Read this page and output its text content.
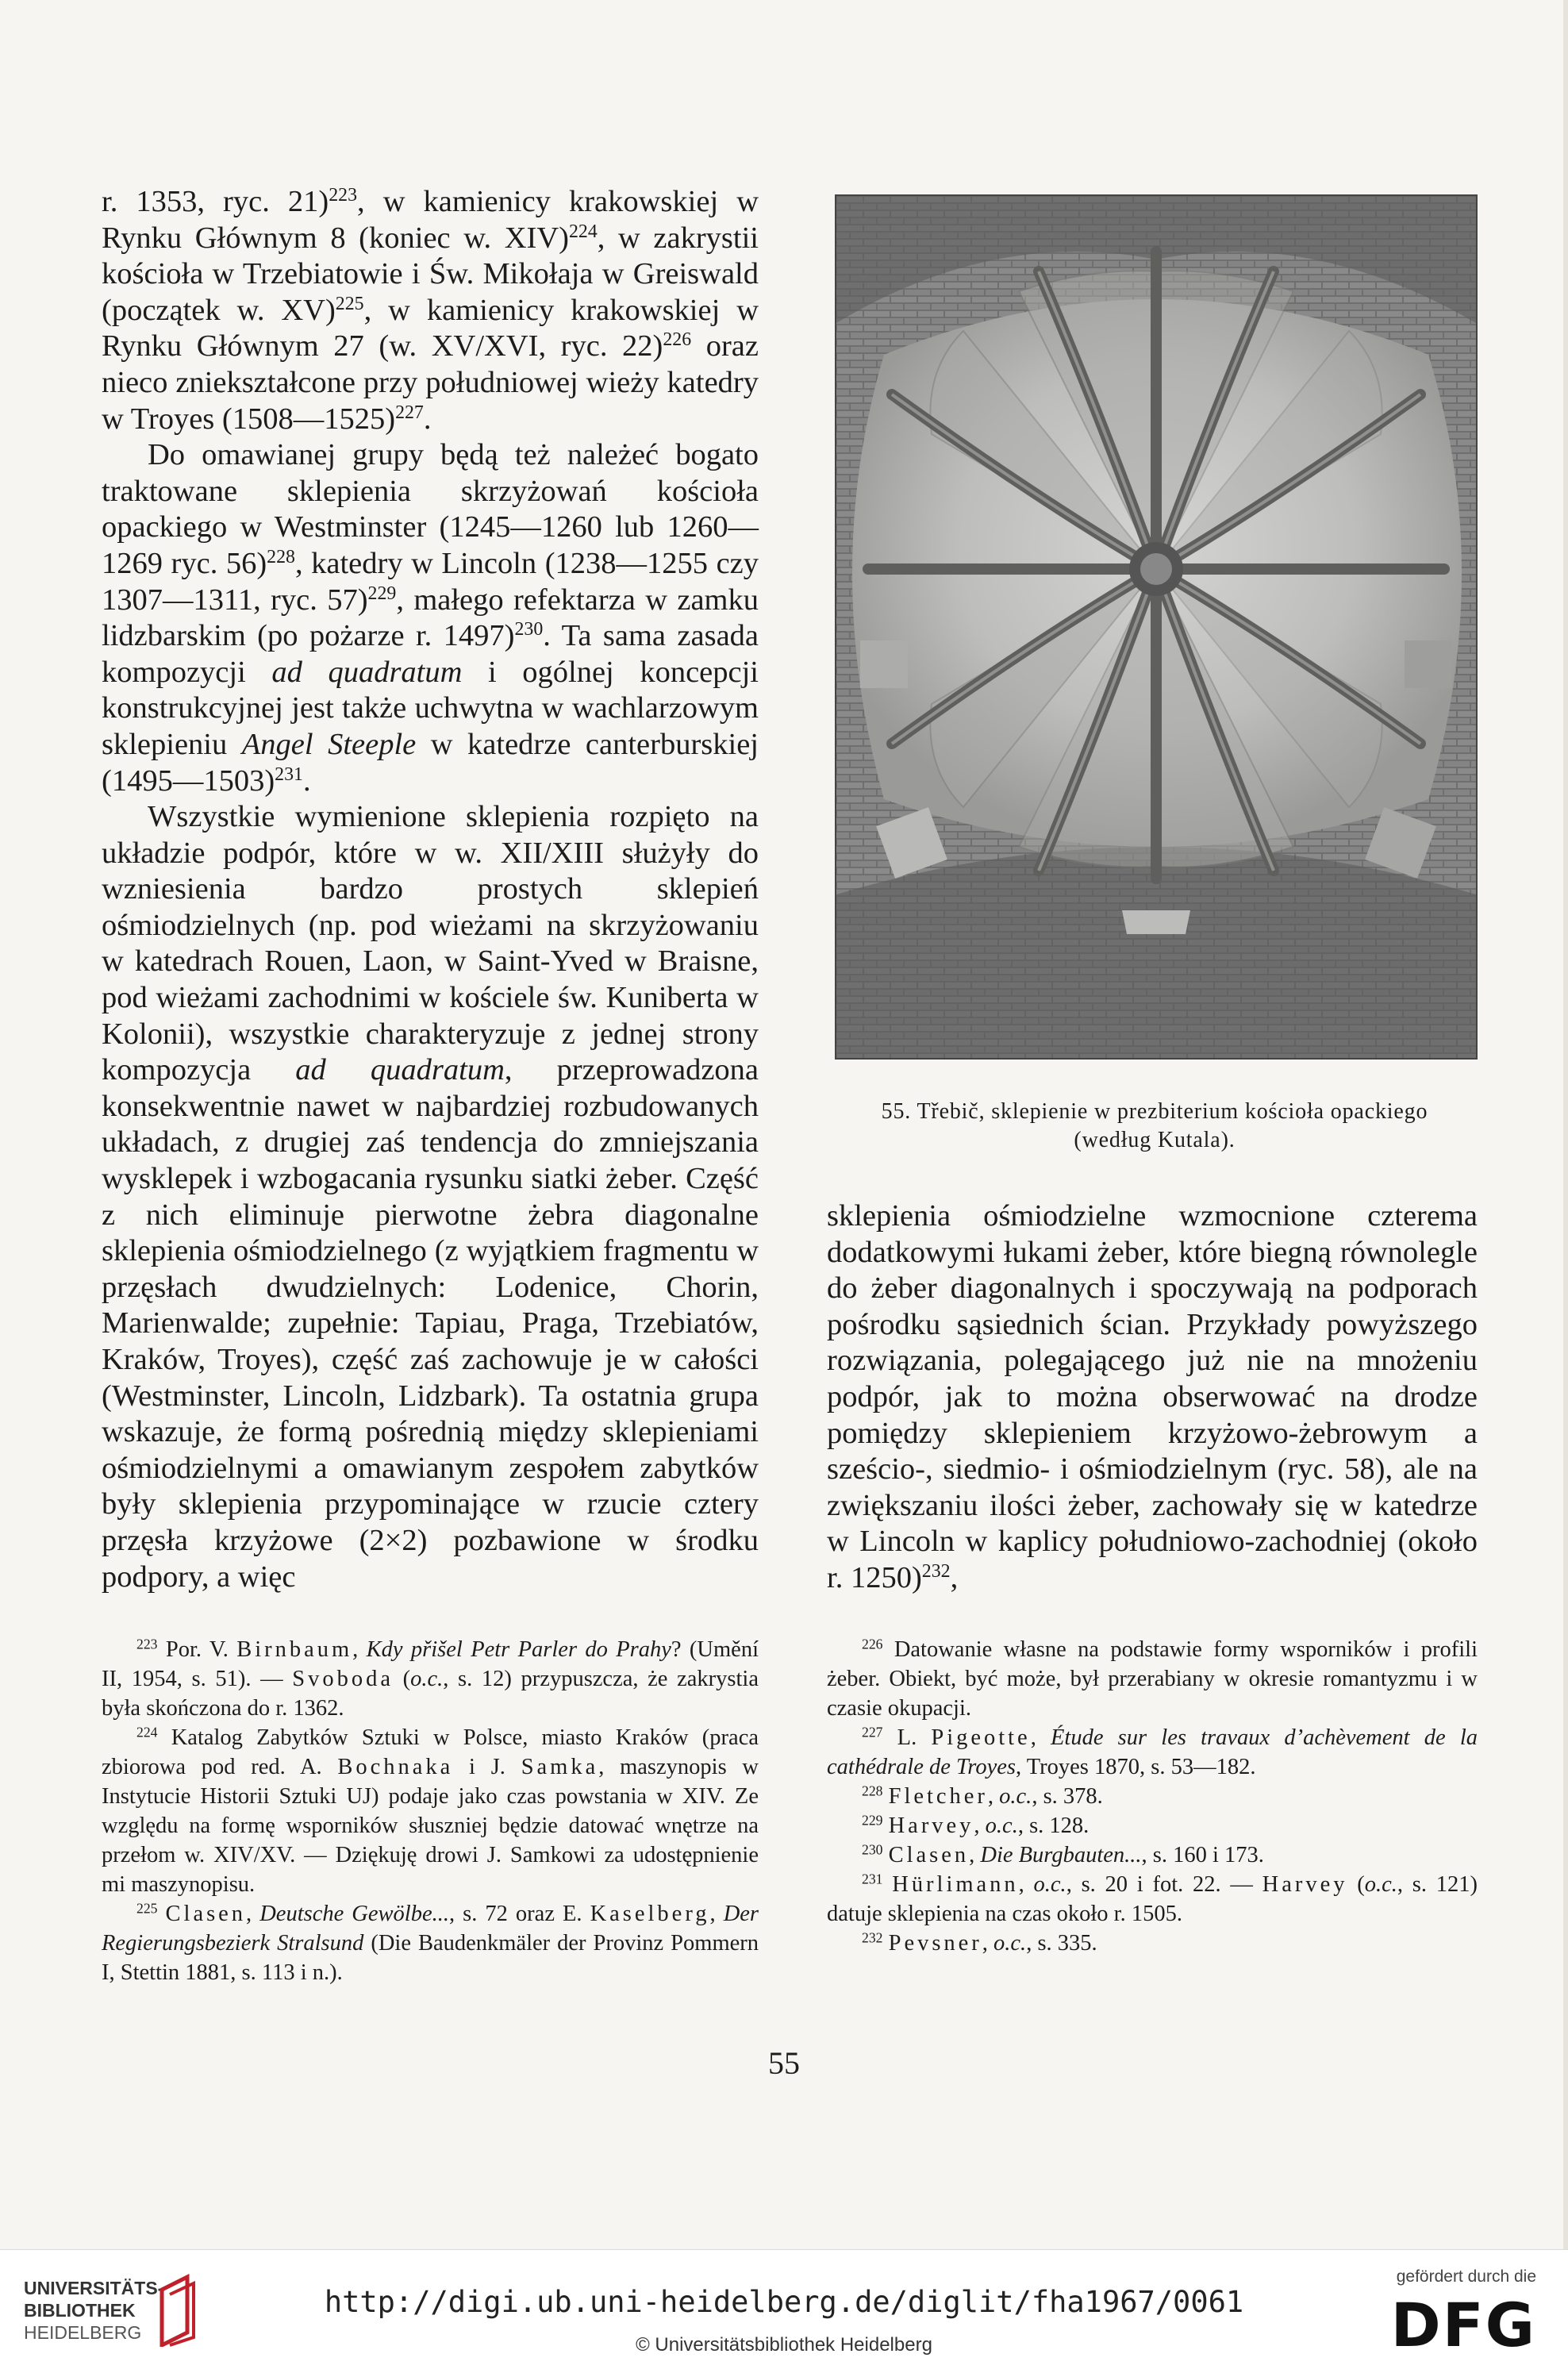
r. 1353, ryc. 21)$^{223}$, w kamienicy krakowskiej w Rynku Głównym 8 (koniec w. XIV)$^{224}$, w zakrystii kościoła w Trzebiatowie i Św. Mikołaja w Greiswald (początek w. XV)$^{225}$, w kamienicy krakowskiej w Rynku Głównym 27 (w. XV/XVI, ryc. 22)$^{226}$ oraz nieco zniekształcone przy południowej wieży katedry w Troyes (1508—1525)$^{227}$.

Do omawianej grupy będą też należeć bogato traktowane sklepienia skrzyżowań kościoła opackiego w Westminster (1245—1260 lub 1260—1269 ryc. 56)$^{228}$, katedry w Lincoln (1238—1255 czy 1307—1311, ryc. 57)$^{229}$, małego refektarza w zamku lidzbarskim (po pożarze r. 1497)$^{230}$. Ta sama zasada kompozycji ad quadratum i ogólnej koncepcji konstrukcyjnej jest także uchwytna w wachlarzowym sklepieniu Angel Steeple w katedrze canterburskiej (1495—1503)$^{231}$.

Wszystkie wymienione sklepienia rozpięto na układzie podpór, które w w. XII/XIII służyły do wzniesienia bardzo prostych sklepień ośmiodzielnych (np. pod wieżami na skrzyżowaniu w katedrach Rouen, Laon, w Saint-Yved w Braisne, pod wieżami zachodnimi w kościele św. Kuniberta w Kolonii), wszystkie charakteryzuje z jednej strony kompozycja ad quadratum, przeprowadzona konsekwentnie nawet w najbardziej rozbudowanych układach, z drugiej zaś tendencja do zmniejszania wysklepek i wzbogacania rysunku siatki żeber. Część z nich eliminuje pierwotne żebra diagonalne sklepienia ośmiodzielnego (z wyjątkiem fragmentu w przęsłach dwudzielnych: Lodenice, Chorin, Marienwalde; zupełnie: Tapiau, Praga, Trzebiatów, Kraków, Troyes), część zaś zachowuje je w całości (Westminster, Lincoln, Lidzbark). Ta ostatnia grupa wskazuje, że formą pośrednią między sklepieniami ośmiodzielnymi a omawianym zespołem zabytków były sklepienia przypominające w rzucie cztery przęsła krzyżowe (2×2) pozbawione w środku podpory, a więc

55. Třebič, sklepienie w prezbiterium kościoła opackiego
(według Kutala).

sklepienia ośmiodzielne wzmocnione czterema dodatkowymi łukami żeber, które biegną równolegle do żeber diagonalnych i spoczywają na podporach pośrodku sąsiednich ścian. Przykłady powyższego rozwiązania, polegającego już nie na mnożeniu podpór, jak to można obserwować na drodze pomiędzy sklepieniem krzyżowo-żebrowym a sześcio-, siedmio- i ośmiodzielnym (ryc. 58), ale na zwiększaniu ilości żeber, zachowały się w katedrze w Lincoln w kaplicy południowo-zachodniej (około r. 1250)$^{232}$,

$^{223}$ Por. V. Birnbaum, Kdy přišel Petr Parler do Prahy? (Umění II, 1954, s. 51). — Svoboda (o.c., s. 12) przypuszcza, że zakrystia była skończona do r. 1362.

$^{224}$ Katalog Zabytków Sztuki w Polsce, miasto Kraków (praca zbiorowa pod red. A. Bochnaka i J. Samka, maszynopis w Instytucie Historii Sztuki UJ) podaje jako czas powstania w XIV. Ze względu na formę wsporników słuszniej będzie datować wnętrze na przełom w. XIV/XV. — Dziękuję drowi J. Samkowi za udostępnienie mi maszynopisu.

$^{225}$ Clasen, Deutsche Gewölbe..., s. 72 oraz E. Kaselberg, Der Regierungsbezierk Stralsund (Die Baudenkmäler der Provinz Pommern I, Stettin 1881, s. 113 i n.).

$^{226}$ Datowanie własne na podstawie formy wsporników i profili żeber. Obiekt, być może, był przerabiany w okresie romantyzmu i w czasie okupacji.

$^{227}$ L. Pigeotte, Étude sur les travaux d’achèvement de la cathédrale de Troyes, Troyes 1870, s. 53—182.

$^{228}$ Fletcher, o.c., s. 378.

$^{229}$ Harvey, o.c., s. 128.

$^{230}$ Clasen, Die Burgbauten..., s. 160 i 173.

$^{231}$ Hürlimann, o.c., s. 20 i fot. 22. — Harvey (o.c., s. 121) datuje sklepienia na czas około r. 1505.

$^{232}$ Pevsner, o.c., s. 335.

55
UNIVERSITÄTS-
BIBLIOTHEK
HEIDELBERG
http://digi.ub.uni-heidelberg.de/diglit/fha1967/0061
© Universitätsbibliothek Heidelberg
gefördert durch die
DFG
